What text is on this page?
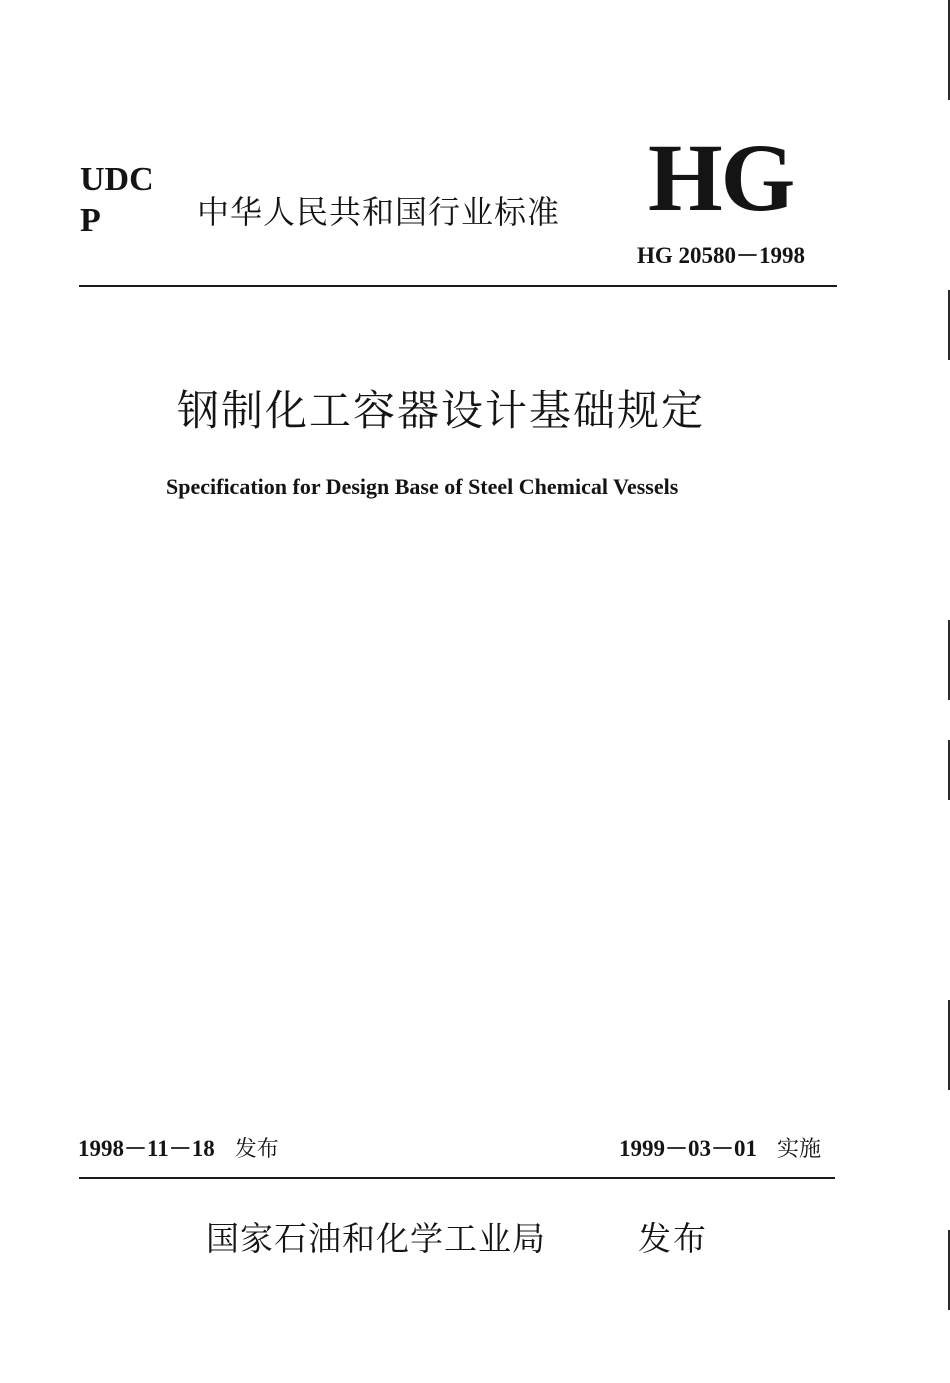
UDC
P	中华人民共和国行业标准 HG
HG 20580－1998
钢制化工容器设计基础规定
Specification for Design Base of Steel Chemical Vessels
1998－11－18 发布	1999－03－01 实施
国家石油和化学工业局	发布
